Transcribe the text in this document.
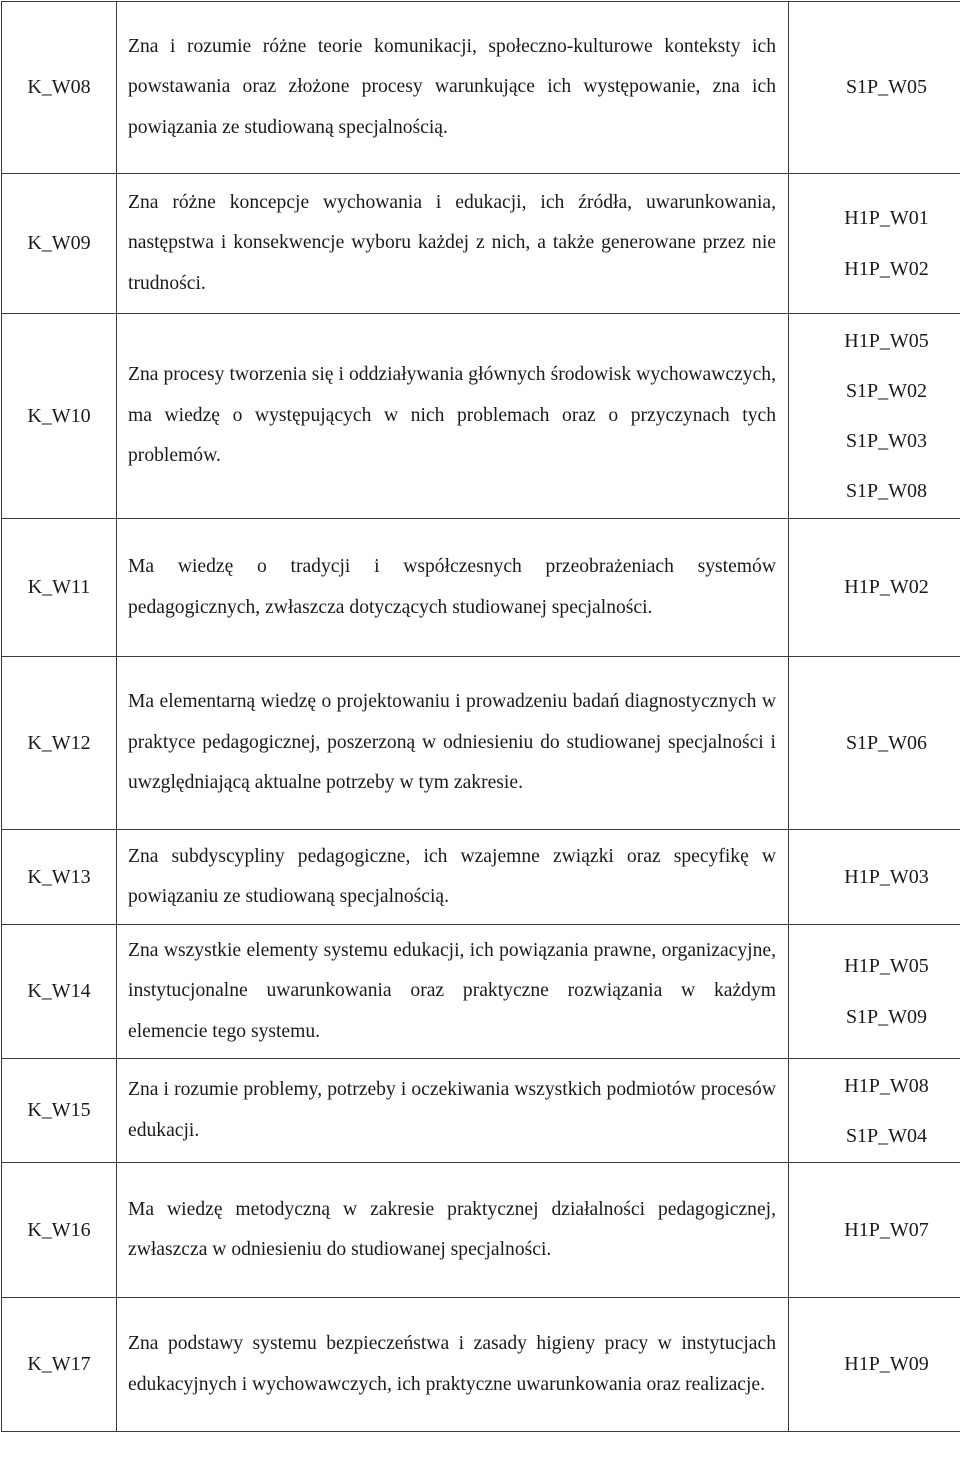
K_W08	Zna i rozumie różne teorie komunikacji, społeczno-kulturowe konteksty ich powstawania oraz złożone procesy warunkujące ich występowanie, zna ich powiązania ze studiowaną specjalnością.	S1P_W05

K_W09	Zna różne koncepcje wychowania i edukacji, ich źródła, uwarunkowania, następstwa i konsekwencje wyboru każdej z nich, a także generowane przez nie trudności.	H1P_W01
H1P_W02

K_W10	Zna procesy tworzenia się i oddziaływania głównych środowisk wychowawczych, ma wiedzę o występujących w nich problemach oraz o przyczynach tych problemów.	H1P_W05
S1P_W02
S1P_W03
S1P_W08

K_W11	Ma wiedzę o tradycji i współczesnych przeobrażeniach systemów pedagogicznych, zwłaszcza dotyczących studiowanej specjalności.	H1P_W02

K_W12	Ma elementarną wiedzę o projektowaniu i prowadzeniu badań diagnostycznych w praktyce pedagogicznej, poszerzoną w odniesieniu do studiowanej specjalności i uwzględniającą aktualne potrzeby w tym zakresie.	S1P_W06

K_W13	Zna subdyscypliny pedagogiczne, ich wzajemne związki oraz specyfikę w powiązaniu ze studiowaną specjalnością.	H1P_W03

K_W14	Zna wszystkie elementy systemu edukacji, ich powiązania prawne, organizacyjne, instytucjonalne uwarunkowania oraz praktyczne rozwiązania w każdym elemencie tego systemu.	H1P_W05
S1P_W09

K_W15	Zna i rozumie problemy, potrzeby i oczekiwania wszystkich podmiotów procesów edukacji.	H1P_W08
S1P_W04

K_W16	Ma wiedzę metodyczną w zakresie praktycznej działalności pedagogicznej, zwłaszcza w odniesieniu do studiowanej specjalności.	H1P_W07

K_W17	Zna podstawy systemu bezpieczeństwa i zasady higieny pracy w instytucjach edukacyjnych i wychowawczych, ich praktyczne uwarunkowania oraz realizacje.	H1P_W09
